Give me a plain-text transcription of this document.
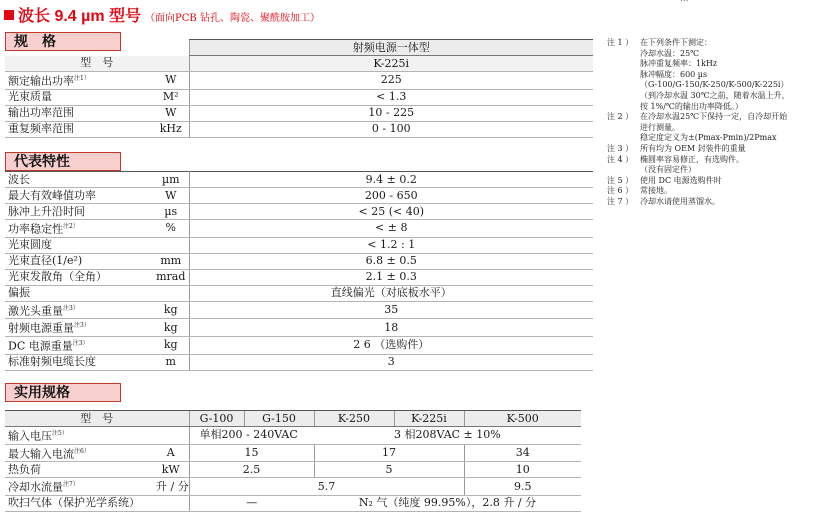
波长 9.4 µm 型号 （面向PCB 钻孔、陶瓷、聚酰胺加工）
规　格
		射频电源一体型
型　号		K-225i
额定输出功率$^{注1)}$	W	225
光束质量	M²	< 1.3
输出功率范围	W	10 - 225
重复频率范围	kHz	0 - 100
代表特性
波长	µm	9.4 ± 0.2
最大有效峰值功率	W	200 - 650
脉冲上升沿时间	µs	< 25 (< 40)
功率稳定性$^{注2)}$	%	< ± 8
光束圆度		< 1.2 : 1
光束直径(1/e²)	mm	6.8 ± 0.5
光束发散角（全角）	mrad	2.1 ± 0.3
偏振		直线偏光（对底板水平）
激光头重量$^{注3)}$	kg	35
射频电源重量$^{注3)}$	kg	18
DC 电源重量$^{注3)}$	kg	2 6 （选购件）
标准射频电缆长度	m	3
实用规格
型　号		G-100	G-150	K-250	K-225i	K-500
输入电压$^{注5)}$		单相200 - 240VAC			3 相208VAC ± 10%	
最大输入电流$^{注6)}$	A	15		17		34
热负荷	kW	2.5		5		10
冷却水流量$^{注7)}$	升 / 分	5.7				9.5
吹扫气体（保护光学系统）		—		N₂ 气（纯度 99.95%），2.8 升 / 分		
注 1 ） 在下列条件下测定：
冷却水温：25℃
脉冲重复频率：1kHz
脉冲幅度：600 µs
（G-100/G-150/K-250/K-500/K-225i）
（到冷却水温 30℃之前，随着水温上升，
按 1%/℃的输出功率降低。）
注 2 ） 在冷却水温25℃下保持一定，自冷却开始
进行测量。
稳定度定义为±(Pmax-Pmin)/2Pmax
注 3 ） 所有均为 OEM 封装件的重量
注 4 ） 椭圆率容易修正，有选购件。
（没有固定件）
注 5 ） 使用 DC 电源选购件时
注 6 ） 常接地。
注 7 ） 冷却水请使用蒸馏水。
